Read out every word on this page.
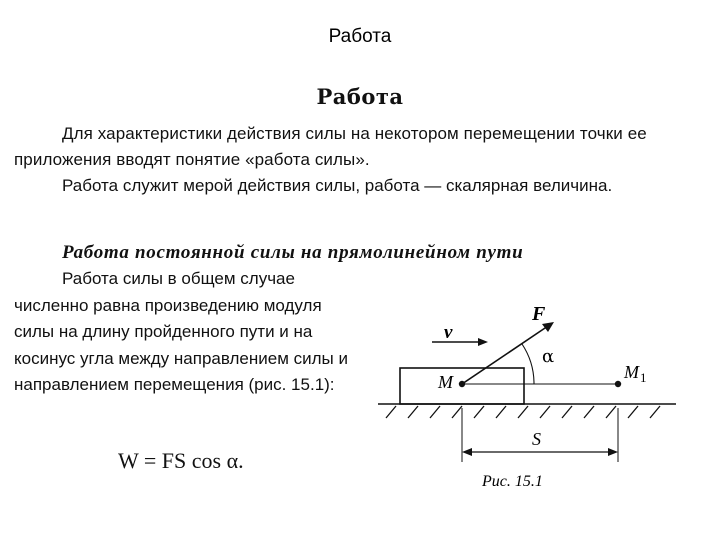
Работа
Работа

Для характеристики действия силы на некотором перемещении точки ее приложения вводят понятие «работа силы».

Работа служит мерой действия силы, работа — скалярная величина.

Работа постоянной силы на прямолинейном пути

Работа силы в общем случае численно равна произведению модуля силы на длину пройденного пути и на косинус угла между направлением силы и направлением перемещения (рис. 15.1):

W = FS cos α.
F
v
α
M	M 1
S
Рис. 15.1
